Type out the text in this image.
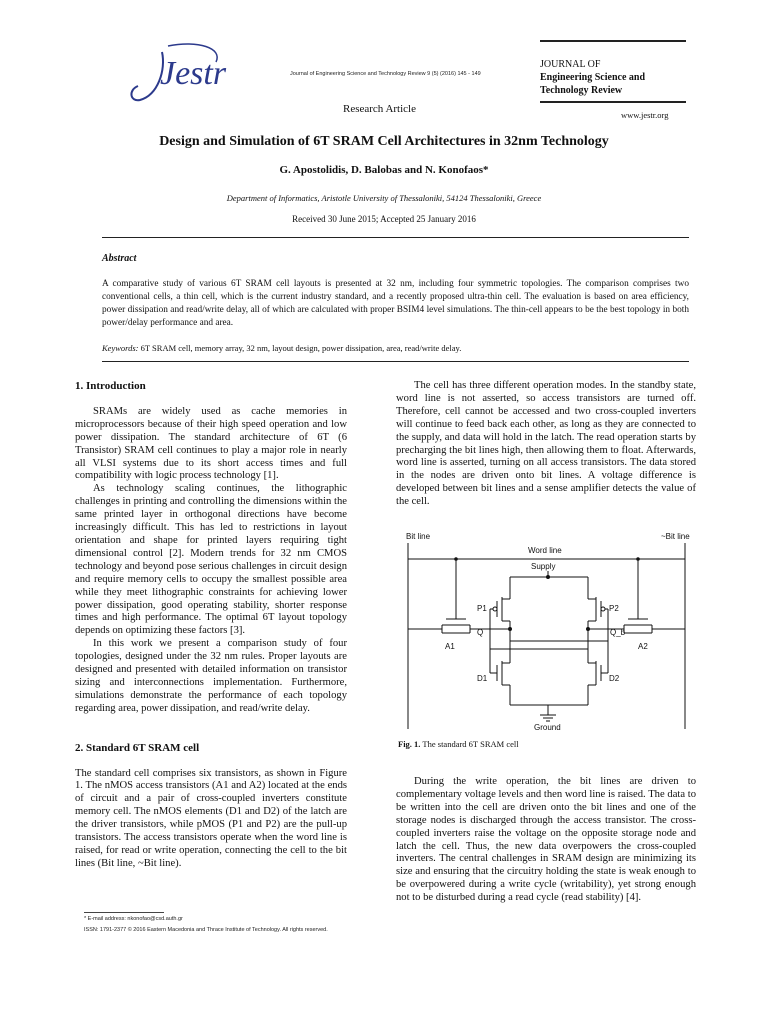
Jestr	Journal of Engineering Science and Technology Review 9 (5) (2016) 145 - 149
Research Article
JOURNAL OF
Engineering Science and
Technology Review
www.jestr.org
Design and Simulation of 6T SRAM Cell Architectures in 32nm Technology
G. Apostolidis, D. Balobas and N. Konofaos*
Department of Informatics, Aristotle University of Thessaloniki, 54124 Thessaloniki, Greece
Received 30 June 2015; Accepted 25 January 2016
Abstract
A comparative study of various 6T SRAM cell layouts is presented at 32 nm, including four symmetric topologies. The comparison comprises two conventional cells, a thin cell, which is the current industry standard, and a recently proposed ultra-thin cell. The evaluation is based on area efficiency, power dissipation and read/write delay, all of which are calculated with proper BSIM4 level simulations. The thin-cell appears to be the best topology in both power/delay performance and area.
Keywords: 6T SRAM cell, memory array, 32 nm, layout design, power dissipation, area, read/write delay.

1. Introduction

SRAMs are widely used as cache memories in microprocessors because of their high speed operation and low power dissipation. The standard architecture of 6T (6 Transistor) SRAM cell continues to play a major role in nearly all VLSI systems due to its short access times and full compatibility with logic process technology [1].

As technology scaling continues, the lithographic challenges in printing and controlling the dimensions within the same printed layer in orthogonal directions have become increasingly difficult. This has led to restrictions in layout orientation and shape for printed layers requiring tight dimensional control [2]. Modern trends for 32 nm CMOS technology and beyond pose serious challenges in circuit design and require memory cells to occupy the smallest possible area while they meet lithographic constraints for achieving lower power dissipation, good operating stability, shorter response times and high performance. The optimal 6T layout topology depends on optimizing these factors [3].

In this work we present a comparison study of four topologies, designed under the 32 nm rules. Proper layouts are designed and presented with detailed information on transistor sizing and interconnections implementation. Furthermore, simulations demonstrate the performance of each topology regarding area, power dissipation, and read/write delay.

2. Standard 6T SRAM cell

The standard cell comprises six transistors, as shown in Figure 1. The nMOS access transistors (A1 and A2) located at the ends of circuit and a pair of cross-coupled inverters constitute memory cell. The nMOS elements (D1 and D2) of the latch are the driver transistors, while pMOS (P1 and P2) are the pull-up transistors. The access transistors operate when the word line is raised, for read or write operation, connecting the cell to the bit lines (Bit line, ~Bit line).

The cell has three different operation modes. In the standby state, word line is not asserted, so access transistors are turned off. Therefore, cell cannot be accessed and two cross-coupled inverters will continue to feed back each other, as long as they are connected to the supply, and data will hold in the latch. The read operation starts by precharging the bit lines high, then allowing them to float. Afterwards, word line is asserted, turning on all access transistors. The data stored in the nodes are driven onto bit lines. A voltage difference is developed between bit lines and a sense amplifier detects the value of the cell.

Bit line	~Bit line
Word line
Supply
P1	P2
D1	D2
A1	A2
Q	Q_b
Ground
Fig. 1. The standard 6T SRAM cell

During the write operation, the bit lines are driven to complementary voltage levels and then word line is raised. The data to be written into the cell are driven onto the bit lines and one of the storage nodes is discharged through the access transistor. The cross-coupled inverters raise the voltage on the opposite storage node and latch the cell. Thus, the new data overpowers the cross-coupled inverters. The central challenges in SRAM design are minimizing its size and ensuring that the circuitry holding the state is weak enough to be overpowered during a write cycle (writability), yet strong enough not to be disturbed during a read cycle (read stability) [4].

* E-mail address: nkonofao@csd.auth.gr
ISSN: 1791-2377 © 2016 Eastern Macedonia and Thrace Institute of Technology. All rights reserved.
